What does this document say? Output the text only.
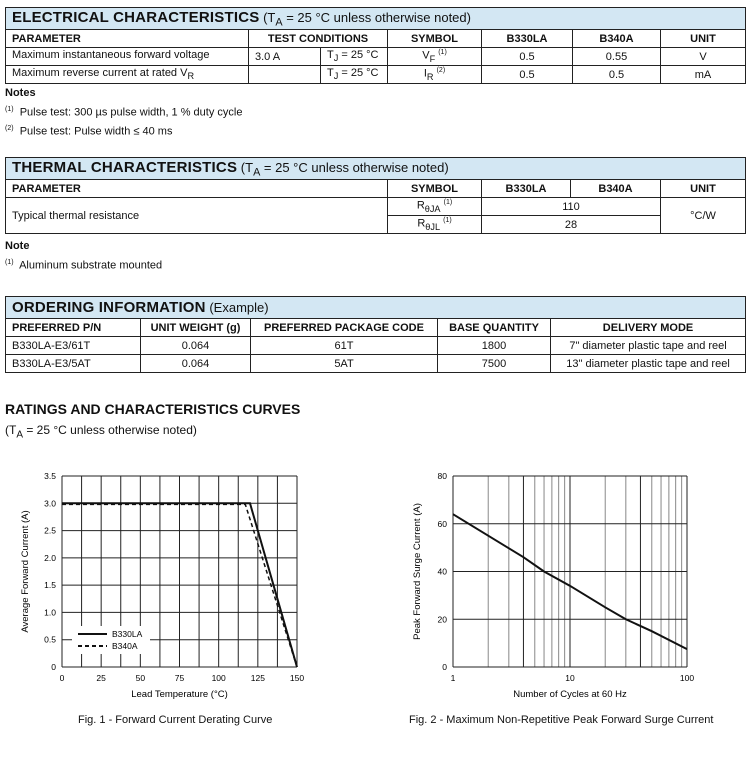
ELECTRICAL CHARACTERISTICS ($T_A = 25$ °C unless otherwise noted)						
PARAMETER	TEST CONDITIONS		SYMBOL	B330LA	B340A	UNIT
Maximum instantaneous forward voltage	3.0 A	$T_J = 25$ °C	$V_F$ $^{(1)}$	0.5	0.55	V
Maximum reverse current at rated $V_R$		$T_J = 25$ °C	$I_R$ $^{(2)}$	0.5	0.5	mA
Notes
$^{(1)}$ Pulse test: 300 µs pulse width, 1 % duty cycle
$^{(2)}$ Pulse test: Pulse width ≤ 40 ms
THERMAL CHARACTERISTICS ($T_A = 25$ °C unless otherwise noted)				
PARAMETER	SYMBOL	B330LA	B340A	UNIT
Typical thermal resistance	$R_{\theta JA}$ $^{(1)}$	110		°C/W
	$R_{\theta JL}$ $^{(1)}$	28		
Note
$^{(1)}$ Aluminum substrate mounted
ORDERING INFORMATION (Example)				
PREFERRED P/N	UNIT WEIGHT (g)	PREFERRED PACKAGE CODE	BASE QUANTITY	DELIVERY MODE
B330LA-E3/61T	0.064	61T	1800	7" diameter plastic tape and reel
B330LA-E3/5AT	0.064	5AT	7500	13" diameter plastic tape and reel
RATINGS AND CHARACTERISTICS CURVES
($T_A = 25$ °C unless otherwise noted)
0
0.5
1.0
1.5
2.0
2.5
3.0
3.5
0	25	50	75	100	125	150
B330LA
B340A
Lead Temperature (°C)
Average Forward Current (A)
0
20
40
60
80
1	10	100
Number of Cycles at 60 Hz
Peak Forward Surge Current (A)
Fig. 1 - Forward Current Derating Curve	Fig. 2 - Maximum Non-Repetitive Peak Forward Surge Current
